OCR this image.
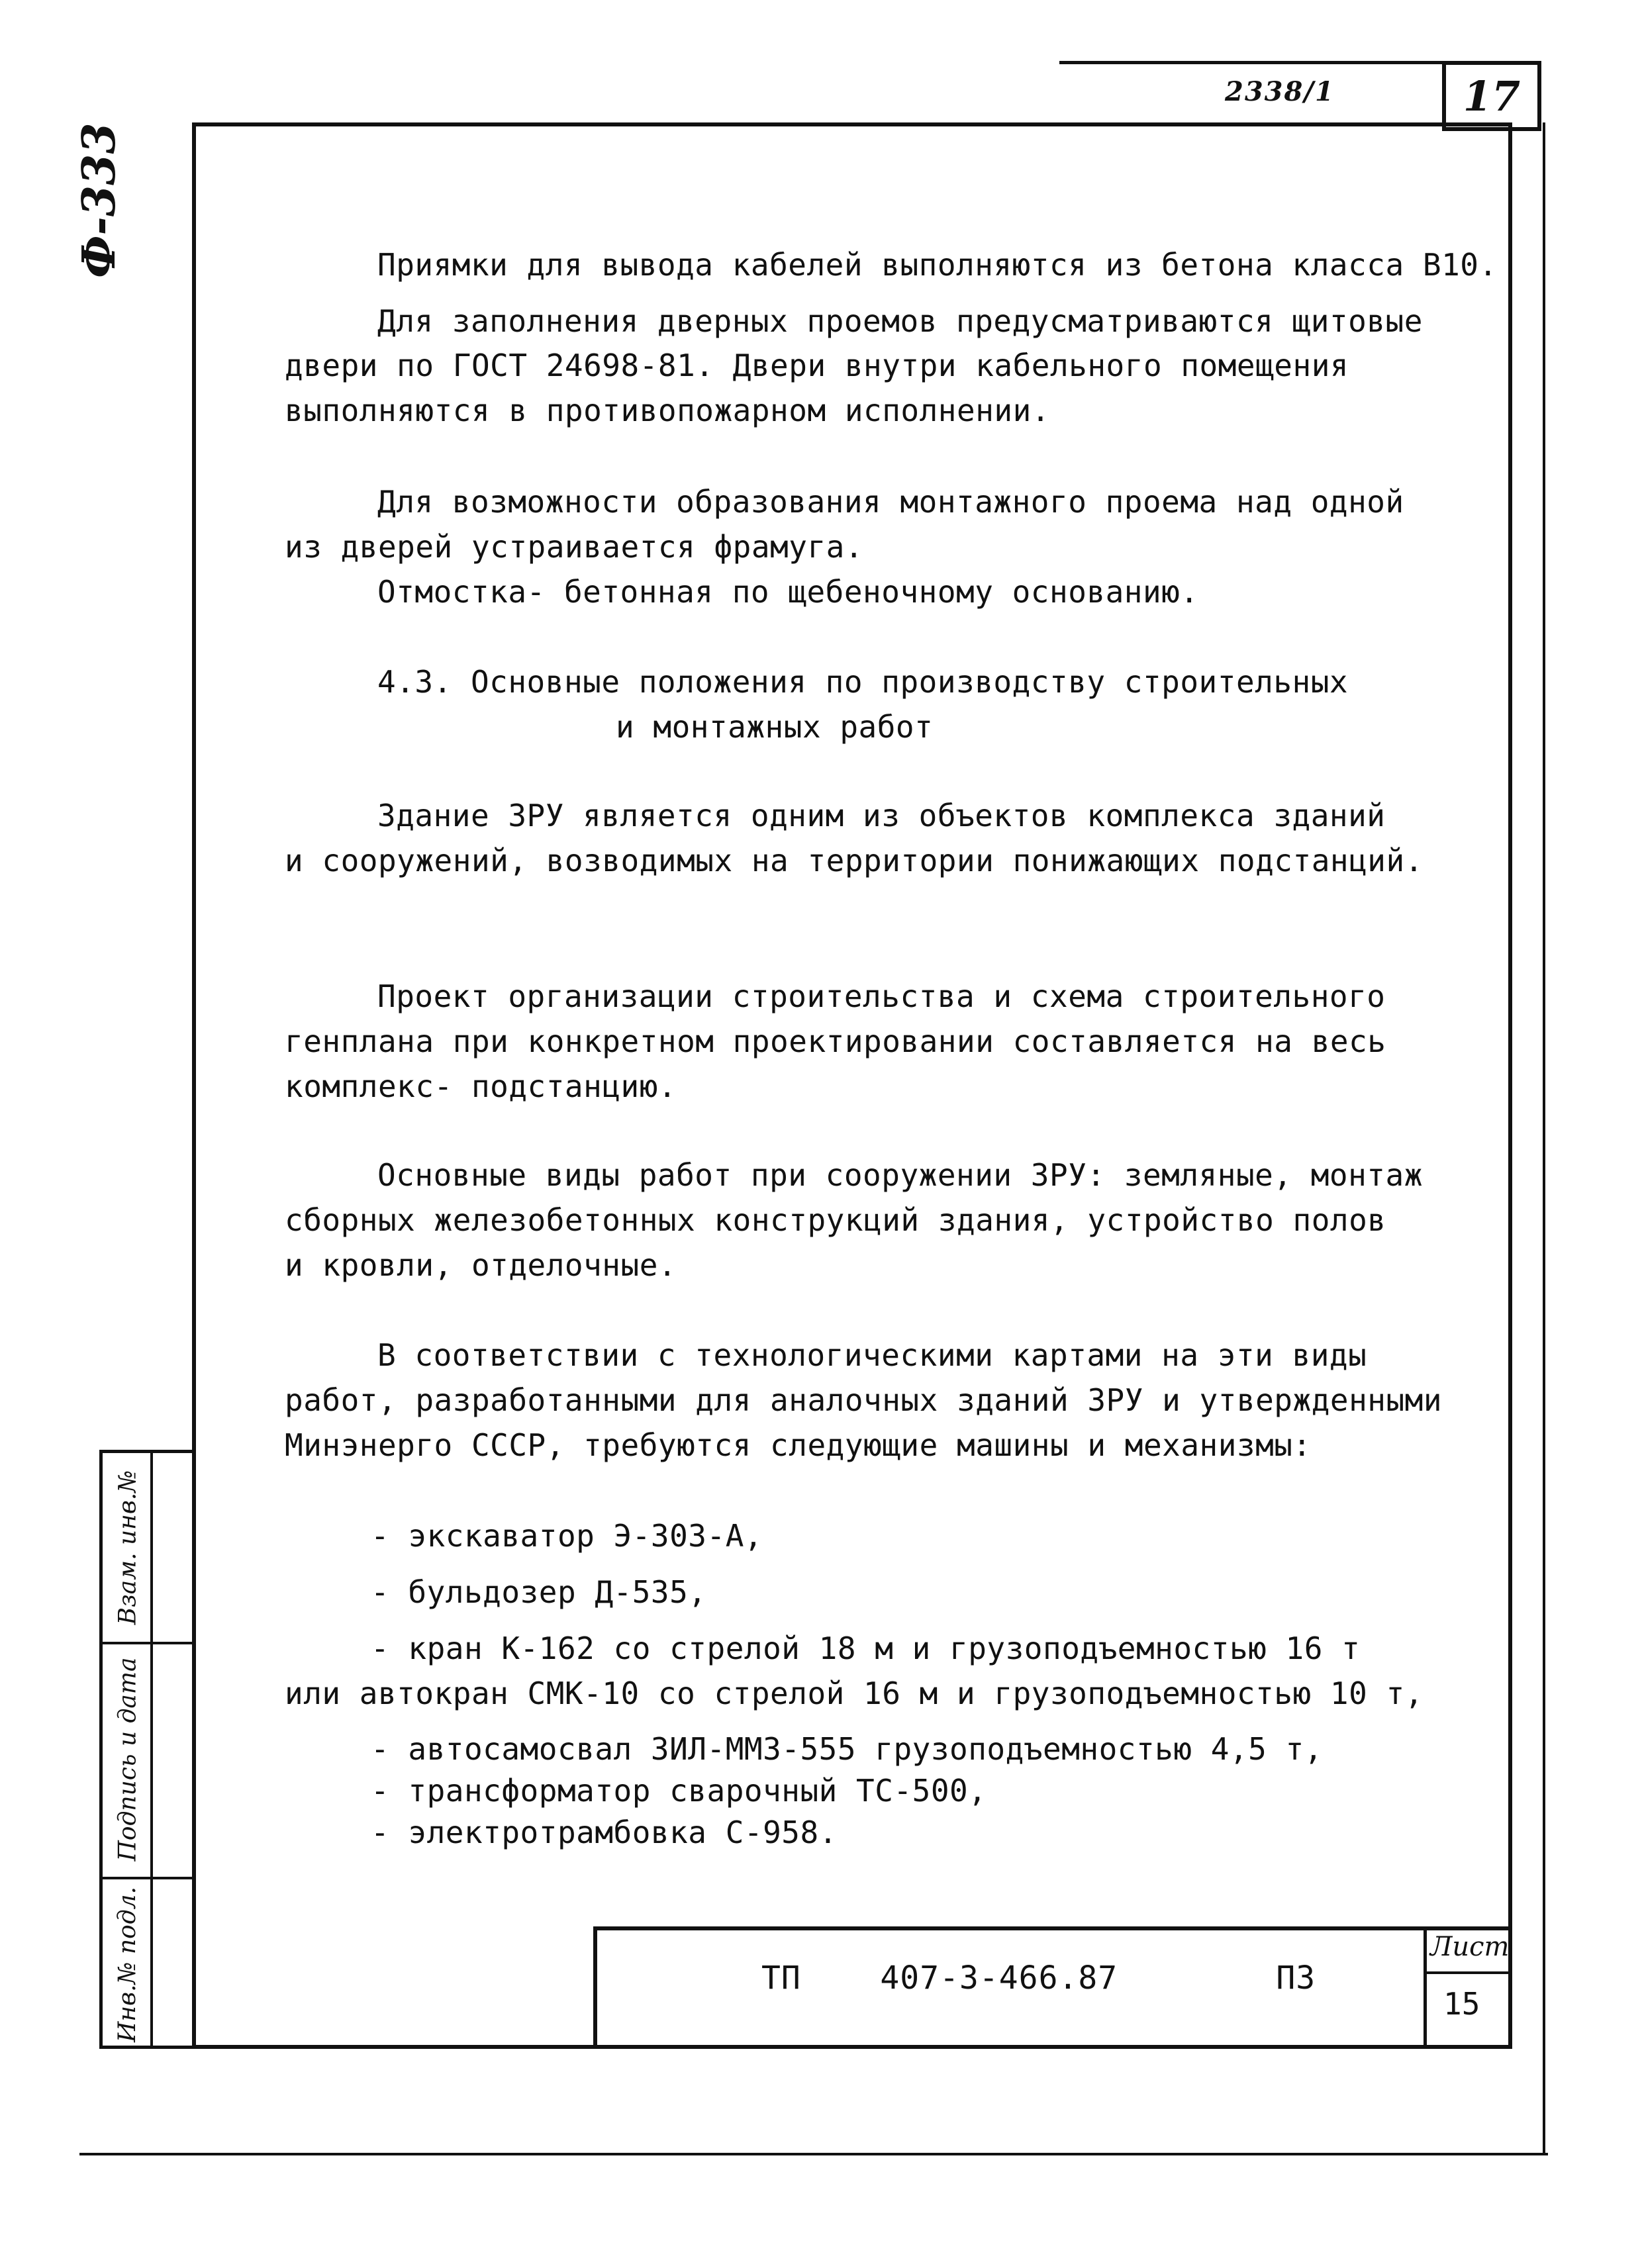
2338/1	17
Ф-333
Взам. инв.№
Подпись и дата
Инв.№ подл.
Приямки для вывода кабелей выполняются из бетона класса В10.
Для заполнения дверных проемов предусматриваются щитовые
двери по ГОСТ 24698-81. Двери внутри кабельного помещения
выполняются в противопожарном исполнении.
Для возможности образования монтажного проема над одной
из дверей устраивается фрамуга.
Отмостка- бетонная по щебеночному основанию.
4.3. Основные положения по производству строительных
и монтажных работ
Здание ЗРУ является одним из объектов комплекса зданий
и сооружений, возводимых на территории понижающих подстанций.
Проект организации строительства и схема строительного
генплана при конкретном проектировании составляется на весь
комплекс- подстанцию.
Основные виды работ при сооружении ЗРУ: земляные, монтаж
сборных железобетонных конструкций здания, устройство полов
и кровли, отделочные.
В соответствии с технологическими картами на эти виды
работ, разработанными для аналочных зданий ЗРУ и утвержденными
Минэнерго СССР, требуются следующие машины и механизмы:
- экскаватор Э-303-А,
- бульдозер Д-535,
- кран К-162 со стрелой 18 м и грузоподъемностью 16 т
или автокран СМК-10 со стрелой 16 м и грузоподъемностью 10 т,
- автосамосвал ЗИЛ-ММЗ-555 грузоподъемностью 4,5 т,
- трансформатор сварочный ТС-500,
- электротрамбовка С-958.
ТП    407-3-466.87        ПЗ
Лист
15
